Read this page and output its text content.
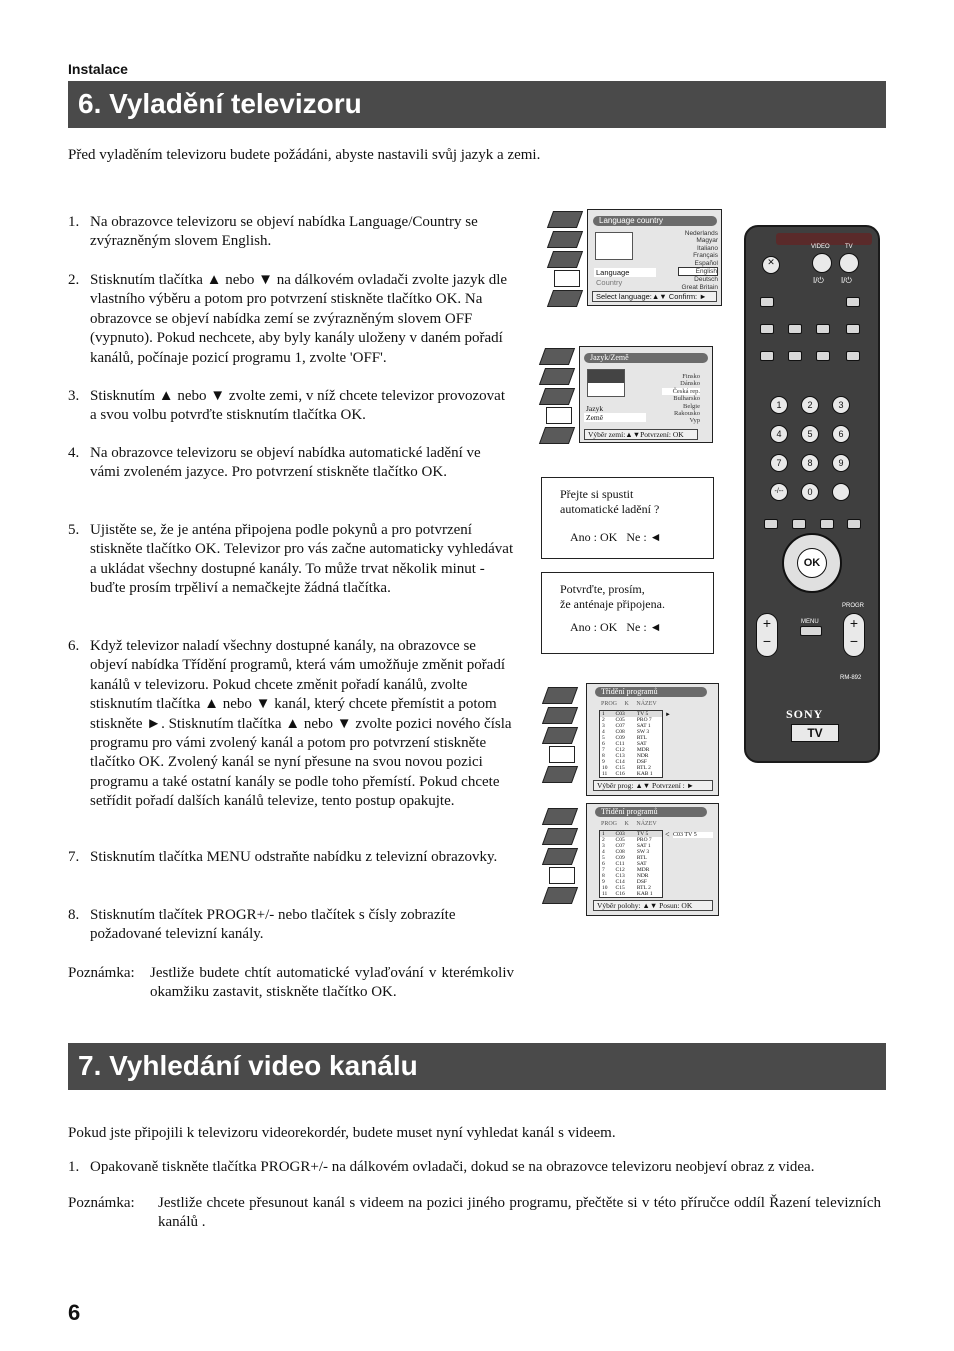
Instalace
6. Vyladění televizoru
Před vyladěním televizoru budete požádáni, abyste nastavili svůj jazyk a zemi.
1. Na obrazovce televizoru se objeví nabídka Language/Country se zvýrazněným slovem English.
2. Stisknutím tlačítka ▲ nebo ▼ na dálkovém ovladači zvolte jazyk dle vlastního výběru a potom pro potvrzení stiskněte tlačítko OK. Na obrazovce se objeví nabídka zemí se zvýrazněným slovem OFF (vypnuto). Pokud nechcete, aby byly kanály uloženy v daném pořadí kanálů, počínaje pozicí programu 1, zvolte 'OFF'.
3. Stisknutím ▲ nebo ▼ zvolte zemi, v níž chcete televizor provozovat a svou volbu potvrďte stisknutím tlačítka OK.
4. Na obrazovce televizoru se objeví nabídka automatické ladění ve vámi zvoleném jazyce. Pro potvrzení stiskněte tlačítko OK.
5. Ujistěte se, že je anténa připojena podle pokynů a pro potvrzení stiskněte tlačítko OK. Televizor pro vás začne automaticky vyhledávat a ukládat všechny dostupné kanály. To může trvat několik minut - buďte prosím trpěliví a nemačkejte žádná tlačítka.
6. Když televizor naladí všechny dostupné kanály, na obrazovce se objeví nabídka Třídění programů, která vám umožňuje změnit pořadí kanálů v televizoru. Pokud chcete změnit pořadí kanálů, zvolte stisknutím tlačítka ▲ nebo ▼ kanál, který chcete přemístit a potom stiskněte ►. Stisknutím tlačítka ▲ nebo ▼ zvolte pozici nového čísla programu pro vámi zvolený kanál a potom pro potvrzení stiskněte tlačítko OK. Zvolený kanál se nyní přesune na svou novou pozici programu a také ostatní kanály se podle toho přemístí. Pokud chcete setřídit pořadí dalších kanálů televize, tento postup opakujte.
7. Stisknutím tlačítka MENU odstraňte nabídku z televizní obrazovky.
8. Stisknutím tlačítek PROGR+/- nebo tlačítek s čísly zobrazíte požadované televizní kanály.
Poznámka:	Jestliže budete chtít automatické vylaďování v kterémkoliv okamžiku zastavit, stiskněte tlačítko OK.
Language country
Nederlands
Magyar
Italiano
Français
Español
English
Deutsch
Great Britain
Language
Country
Select language:▲▼ Confirm: ►
Jazyk/Země
Finsko
Dánsko
Česká rep.
Bulharsko
Belgie
Rakousko
Vyp
Jazyk
Země
Výběr zemí:▲▼Potvrzení: OK
Přejte si spustit
automatické ladění ?
Ano : OK Ne : ◄
Potvrďte, prosím,
že anténaje připojena.
Ano : OK Ne : ◄
Třídění programů
PROG K NÁZEV
1	C03	TV 5
2	C05	PRO 7
3	C07	SAT 1
4	C08	SW 3
5	C09	RTL
6	C11	SAT
7	C12	MDR
8	C13	NDR
9	C14	DSF
10	C15	RTL 2
11	C16	KAB 1
►
Výběr prog: ▲▼ Potvrzení : ►
Třídění programů
PROG K NÁZEV
1	C03	TV 5
2	C05	PRO 7
3	C07	SAT 1
4	C08	SW 3
5	C09	RTL
6	C11	SAT
7	C12	MDR
8	C13	NDR
9	C14	DSF
10	C15	RTL 2
11	C16	KAB 1
< C03 TV 5
Výběr polohy: ▲▼ Posun: OK
✕
VIDEO	TV
I/⏻ I/⏻
1	2	3
4	5	6
7	8	9
-/--	0
OK
+
−
MENU
PROGR
+
−
RM-892
SONY
TV
7. Vyhledání video kanálu
Pokud jste připojili k televizoru videorekordér, budete muset nyní vyhledat kanál s videem.
1. Opakovaně tiskněte tlačítka PROGR+/- na dálkovém ovladači, dokud se na obrazovce televizoru neobjeví obraz z videa.
Poznámka:	Jestliže chcete přesunout kanál s videem na pozici jiného programu, přečtěte si v této příručce oddíl Řazení televizních kanálů .
6
